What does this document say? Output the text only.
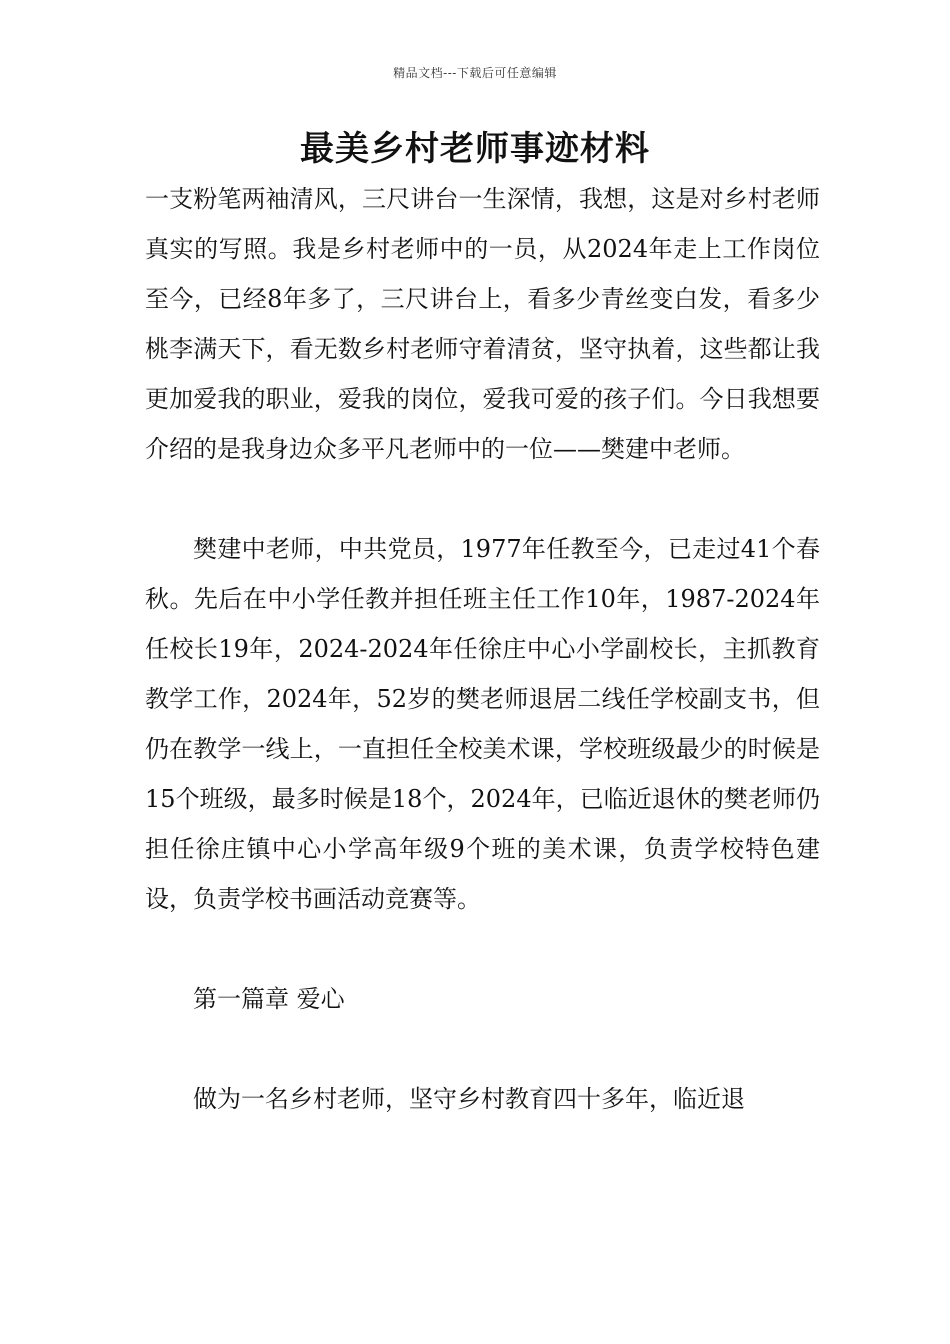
精品文档---下载后可任意编辑
最美乡村老师事迹材料

一支粉笔两袖清风，三尺讲台一生深情，我想，这是对乡村老师真实的写照。我是乡村老师中的一员，从2024年走上工作岗位至今，已经8年多了，三尺讲台上，看多少青丝变白发，看多少桃李满天下，看无数乡村老师守着清贫，坚守执着，这些都让我更加爱我的职业，爱我的岗位，爱我可爱的孩子们。今日我想要介绍的是我身边众多平凡老师中的一位——樊建中老师。

樊建中老师，中共党员，1977年任教至今，已走过41个春秋。先后在中小学任教并担任班主任工作10年，1987-2024年任校长19年，2024-2024年任徐庄中心小学副校长，主抓教育教学工作，2024年，52岁的樊老师退居二线任学校副支书，但仍在教学一线上，一直担任全校美术课，学校班级最少的时候是15个班级，最多时候是18个，2024年，已临近退休的樊老师仍担任徐庄镇中心小学高年级9个班的美术课，负责学校特色建设，负责学校书画活动竞赛等。

第一篇章 爱心

做为一名乡村老师，坚守乡村教育四十多年，临近退
